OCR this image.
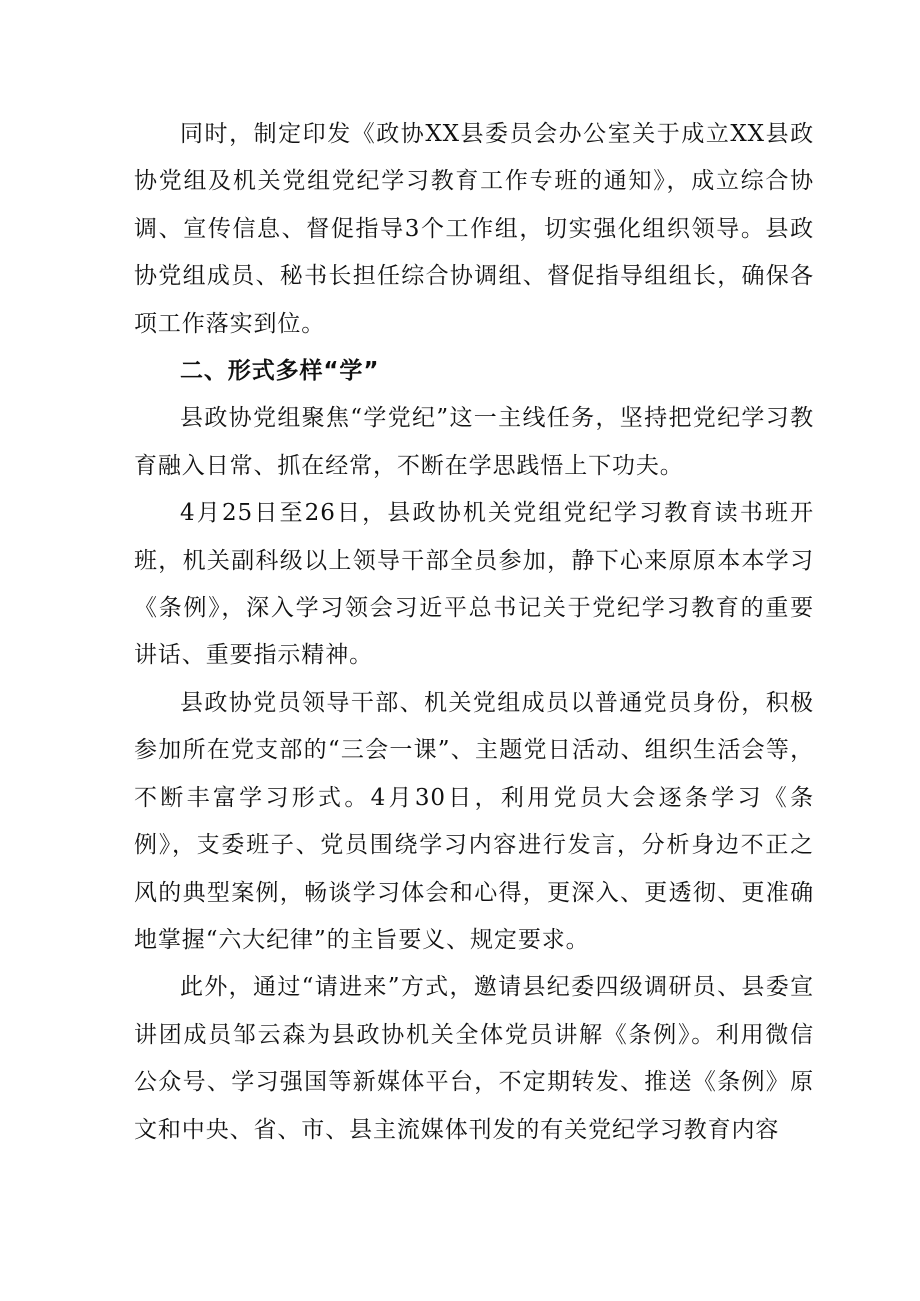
同时，制定印发《政协XX县委员会办公室关于成立XX县政协党组及机关党组党纪学习教育工作专班的通知》，成立综合协调、宣传信息、督促指导3个工作组，切实强化组织领导。县政协党组成员、秘书长担任综合协调组、督促指导组组长，确保各项工作落实到位。

二、形式多样“学”

县政协党组聚焦“学党纪”这一主线任务，坚持把党纪学习教育融入日常、抓在经常，不断在学思践悟上下功夫。

4月25日至26日，县政协机关党组党纪学习教育读书班开班，机关副科级以上领导干部全员参加，静下心来原原本本学习《条例》，深入学习领会习近平总书记关于党纪学习教育的重要讲话、重要指示精神。

县政协党员领导干部、机关党组成员以普通党员身份，积极参加所在党支部的“三会一课”、主题党日活动、组织生活会等，不断丰富学习形式。4月30日，利用党员大会逐条学习《条例》，支委班子、党员围绕学习内容进行发言，分析身边不正之风的典型案例，畅谈学习体会和心得，更深入、更透彻、更准确地掌握“六大纪律”的主旨要义、规定要求。

此外，通过“请进来”方式，邀请县纪委四级调研员、县委宣讲团成员邹云森为县政协机关全体党员讲解《条例》。利用微信公众号、学习强国等新媒体平台，不定期转发、推送《条例》原文和中央、省、市、县主流媒体刊发的有关党纪学习教育内容
